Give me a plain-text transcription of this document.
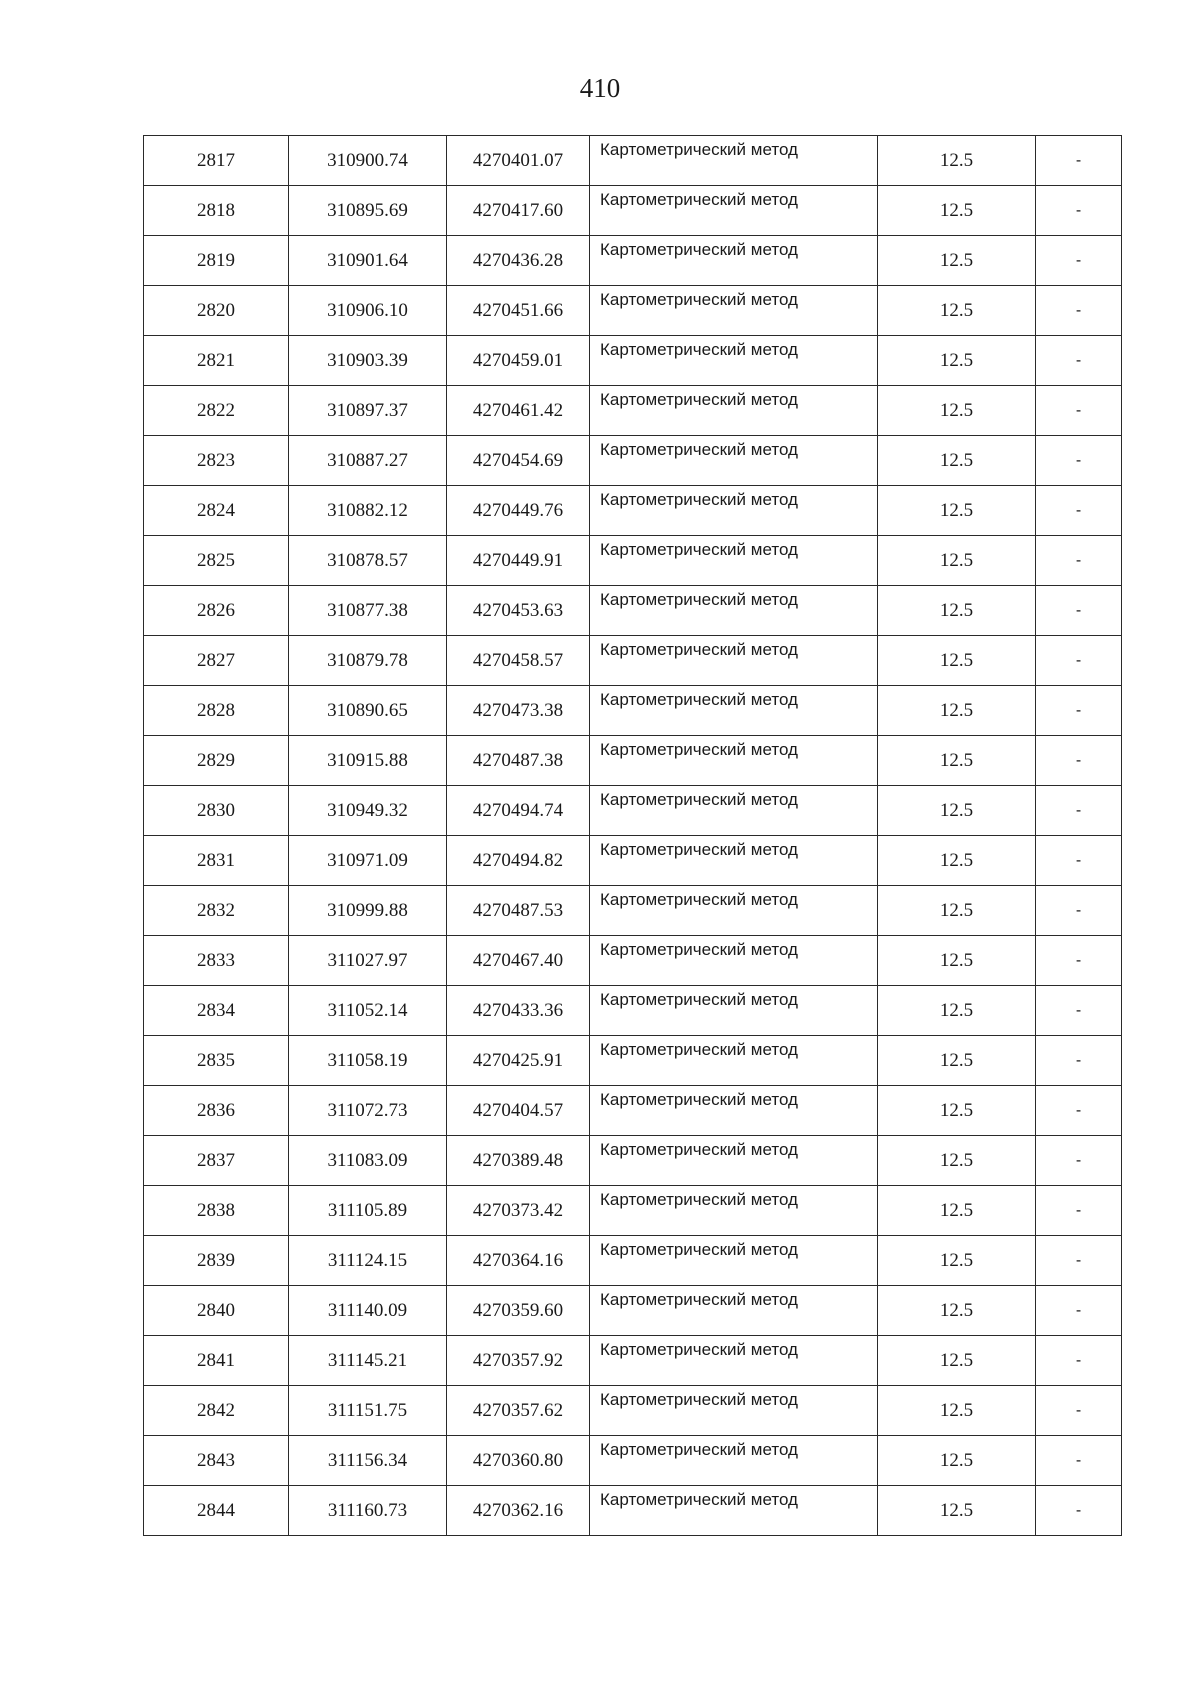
410
2817	310900.74	4270401.07	Картометрический метод	12.5	-
2818	310895.69	4270417.60	Картометрический метод	12.5	-
2819	310901.64	4270436.28	Картометрический метод	12.5	-
2820	310906.10	4270451.66	Картометрический метод	12.5	-
2821	310903.39	4270459.01	Картометрический метод	12.5	-
2822	310897.37	4270461.42	Картометрический метод	12.5	-
2823	310887.27	4270454.69	Картометрический метод	12.5	-
2824	310882.12	4270449.76	Картометрический метод	12.5	-
2825	310878.57	4270449.91	Картометрический метод	12.5	-
2826	310877.38	4270453.63	Картометрический метод	12.5	-
2827	310879.78	4270458.57	Картометрический метод	12.5	-
2828	310890.65	4270473.38	Картометрический метод	12.5	-
2829	310915.88	4270487.38	Картометрический метод	12.5	-
2830	310949.32	4270494.74	Картометрический метод	12.5	-
2831	310971.09	4270494.82	Картометрический метод	12.5	-
2832	310999.88	4270487.53	Картометрический метод	12.5	-
2833	311027.97	4270467.40	Картометрический метод	12.5	-
2834	311052.14	4270433.36	Картометрический метод	12.5	-
2835	311058.19	4270425.91	Картометрический метод	12.5	-
2836	311072.73	4270404.57	Картометрический метод	12.5	-
2837	311083.09	4270389.48	Картометрический метод	12.5	-
2838	311105.89	4270373.42	Картометрический метод	12.5	-
2839	311124.15	4270364.16	Картометрический метод	12.5	-
2840	311140.09	4270359.60	Картометрический метод	12.5	-
2841	311145.21	4270357.92	Картометрический метод	12.5	-
2842	311151.75	4270357.62	Картометрический метод	12.5	-
2843	311156.34	4270360.80	Картометрический метод	12.5	-
2844	311160.73	4270362.16	Картометрический метод	12.5	-
